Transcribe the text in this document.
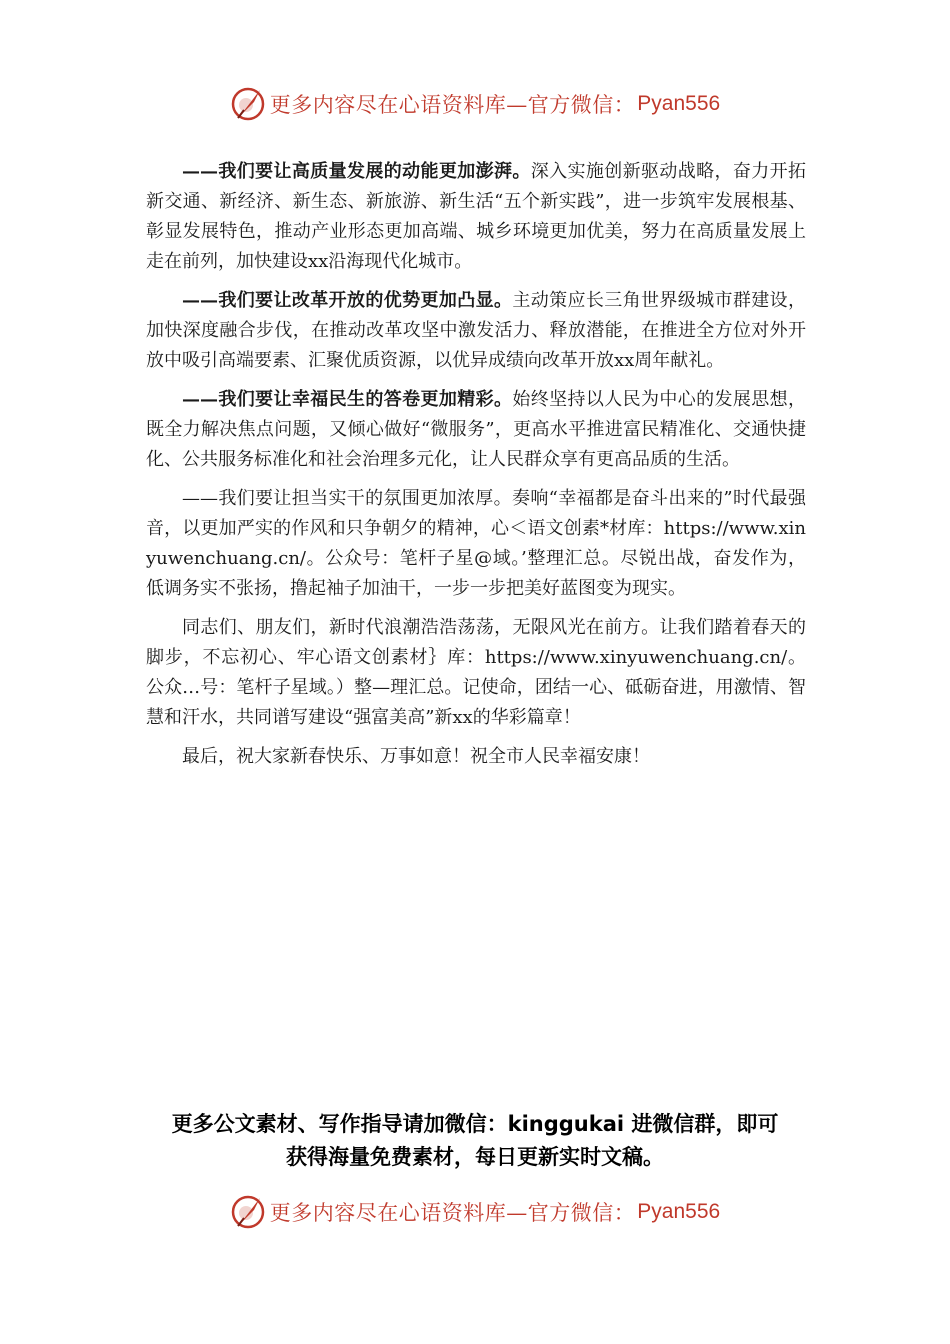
更多内容尽在心语资料库—官方微信： Pyan556

——我们要让高质量发展的动能更加澎湃。深入实施创新驱动战略，奋力开拓新交通、新经济、新生态、新旅游、新生活“五个新实践”，进一步筑牢发展根基、彰显发展特色，推动产业形态更加高端、城乡环境更加优美，努力在高质量发展上走在前列，加快建设xx沿海现代化城市。

——我们要让改革开放的优势更加凸显。主动策应长三角世界级城市群建设，加快深度融合步伐，在推动改革攻坚中激发活力、释放潜能，在推进全方位对外开放中吸引高端要素、汇聚优质资源，以优异成绩向改革开放xx周年献礼。

——我们要让幸福民生的答卷更加精彩。始终坚持以人民为中心的发展思想，既全力解决焦点问题，又倾心做好“微服务”，更高水平推进富民精准化、交通快捷化、公共服务标准化和社会治理多元化，让人民群众享有更高品质的生活。

——我们要让担当实干的氛围更加浓厚。奏响“幸福都是奋斗出来的”时代最强音，以更加严实的作风和只争朝夕的精神，心＜语文创素*材库：https://www.xinyuwenchuang.cn/。公众号：笔杆子星@域。’整理汇总。尽锐出战，奋发作为，低调务实不张扬，撸起袖子加油干，一步一步把美好蓝图变为现实。

同志们、朋友们，新时代浪潮浩浩荡荡，无限风光在前方。让我们踏着春天的脚步，不忘初心、牢心语文创素材｝库：https://www.xinyuwenchuang.cn/。公众…号：笔杆子星域。）整—理汇总。记使命，团结一心、砥砺奋进，用激情、智慧和汗水，共同谱写建设“强富美高”新xx的华彩篇章！

最后，祝大家新春快乐、万事如意！祝全市人民幸福安康！

更多公文素材、写作指导请加微信：kinggukai 进微信群，即可
获得海量免费素材，每日更新实时文稿。
更多内容尽在心语资料库—官方微信： Pyan556
